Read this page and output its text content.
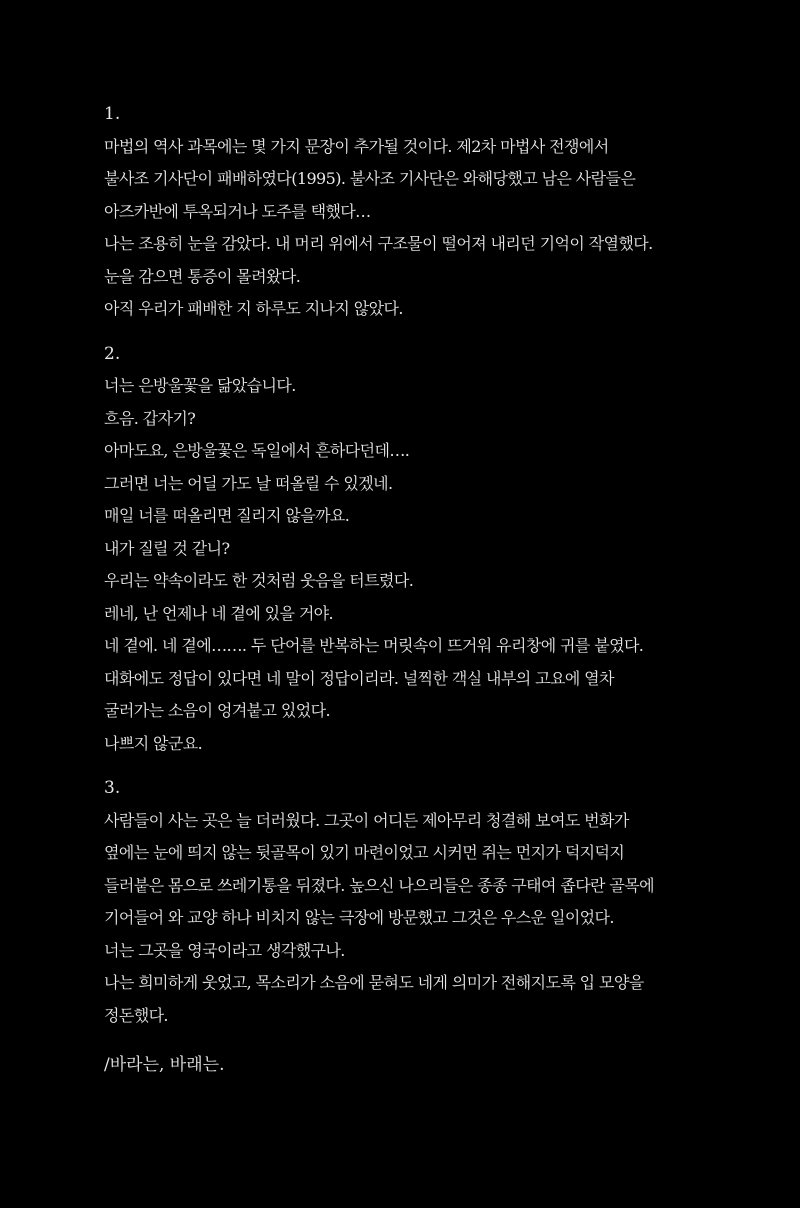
1.
마법의 역사 과목에는 몇 가지 문장이 추가될 것이다. 제2차 마법사 전쟁에서
불사조 기사단이 패배하였다(1995). 불사조 기사단은 와해당했고 남은 사람들은
아즈카반에 투옥되거나 도주를 택했다…
나는 조용히 눈을 감았다. 내 머리 위에서 구조물이 떨어져 내리던 기억이 작열했다.
눈을 감으면 통증이 몰려왔다.
아직 우리가 패배한 지 하루도 지나지 않았다.
2.
너는 은방울꽃을 닮았습니다.
흐음. 갑자기?
아마도요, 은방울꽃은 독일에서 흔하다던데….
그러면 너는 어딜 가도 날 떠올릴 수 있겠네.
매일 너를 떠올리면 질리지 않을까요.
내가 질릴 것 같니?
우리는 약속이라도 한 것처럼 웃음을 터트렸다.
레네, 난 언제나 네 곁에 있을 거야.
네 곁에. 네 곁에……. 두 단어를 반복하는 머릿속이 뜨거워 유리창에 귀를 붙였다.
대화에도 정답이 있다면 네 말이 정답이리라. 널찍한 객실 내부의 고요에 열차
굴러가는 소음이 엉겨붙고 있었다.
나쁘지 않군요.
3.
사람들이 사는 곳은 늘 더러웠다. 그곳이 어디든 제아무리 청결해 보여도 번화가
옆에는 눈에 띄지 않는 뒷골목이 있기 마련이었고 시커먼 쥐는 먼지가 덕지덕지
들러붙은 몸으로 쓰레기통을 뒤졌다. 높으신 나으리들은 종종 구태여 좁다란 골목에
기어들어 와 교양 하나 비치지 않는 극장에 방문했고 그것은 우스운 일이었다.
너는 그곳을 영국이라고 생각했구나.
나는 희미하게 웃었고, 목소리가 소음에 묻혀도 네게 의미가 전해지도록 입 모양을
정돈했다.
/바라는, 바래는.
